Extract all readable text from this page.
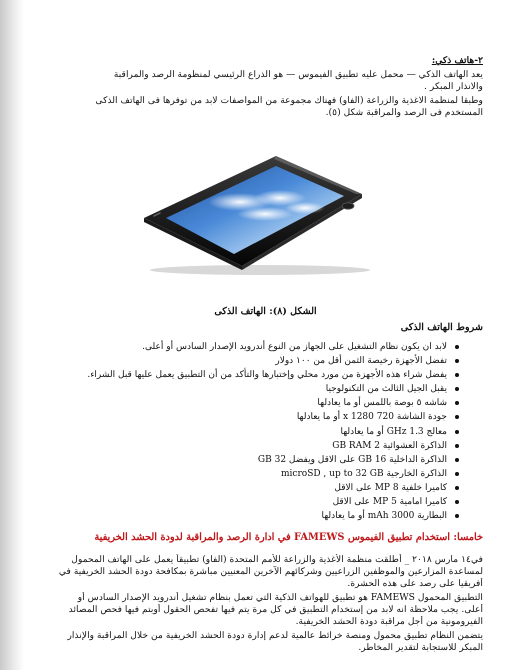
٢-هاتف ذكي:
يعد الهاتف الذكي — محمل عليه تطبيق الفيموس — هو الذراع الرئيسي لمنظومة الرصد والمراقبة
والانذار المبكر .
وطبقا لمنظمة الاغذية والزراعة (الفاو) فهناك مجموعة من المواصفات لابد من توفرها فى الهاتف الذكى
المستخدم فى الرصد والمراقبة شكل (٥).
الشكل (٨): الهاتف الذكى
شروط الهاتف الذكى
لابد ان يكون نظام التشغيل على الجهاز من النوع أندرويد الإصدار السادس أو أعلى.
تفضل الأجهزة رخيصة الثمن أقل من ١٠٠ دولار
يفضل شراء هذه الأجهزة من مورد محلي وإختبارها والتأكد من أن التطبيق يعمل عليها قبل الشراء.
يقبل الجيل الثالث من التكنولوجيا
شاشه ٥ بوصة باللمس أو ما يعادلها
جودة الشاشة 720 x 1280 أو ما يعادلها
معالج 1.3 GHz أو ما يعادلها
الذاكرة العشوائية 2 GB RAM
الذاكرة الداخلية 16 GB على الاقل ويفضل 32 GB
الذاكرة الخارجية microSD , up to 32 GB
كاميرا خلفية 8 MP على الاقل
كاميرا امامية 5 MP على الاقل
البطارية 3000 mAh أو ما يعادلها
خامسا: استخدام تطبيق الفيموس FAMEWS في ادارة الرصد والمراقبة لدودة الحشد الخريفية
في١٤ مارس ٢٠١٨ _ أطلقت منظمة الأغذية والزراعة للأمم المتحدة (الفاو) تطبيقاً يعمل على الهاتف المحمول
لمساعدة المزارعين والموظفين الزراعيين وشركائهم الآخرين المعنيين مباشرة بمكافحة دودة الحشد الخريفية في
أفريقيا على رصد على هذه الحشرة.
التطبيق المحمول FAMEWS هو تطبيق للهواتف الذكية التي تعمل بنظام تشغيل أندرويد الإصدار السادس أو
أعلى. يجب ملاحظة انه لابد من إستخدام التطبيق في كل مرة يتم فيها تفحص الحقول أوبتم فيها فحص المصائد
الفيرومونية من أجل مراقبة دودة الحشد الخريفية.
يتضمن النظام تطبيق محمول ومنصة خرائط عالمية لدعم إدارة دودة الحشد الخريفية من خلال المراقبة والإنذار
المبكر للاستجابة لتقدير المخاطر.
